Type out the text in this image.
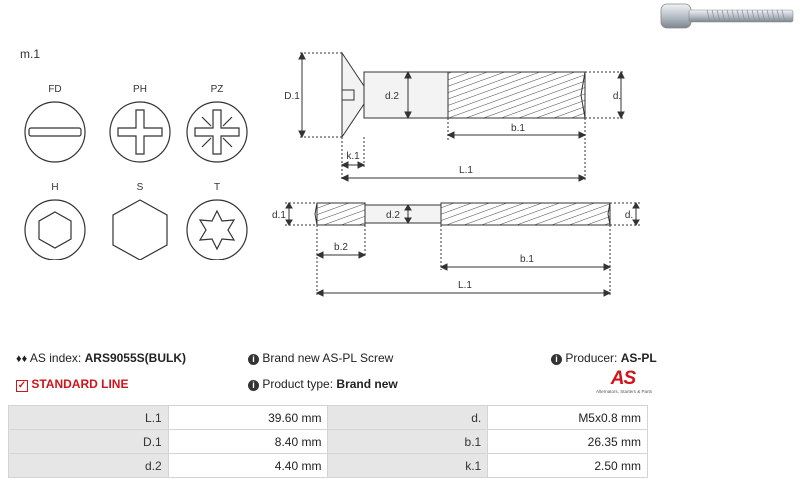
m.1
FD	PH	PZ
H	S	T
D.1	d.2	d.
b.1
k.1
L.1
d.1	d.2	d.
b.2
b.1
L.1
♦♦ AS index: ARS9055S(BULK)	i Brand new AS-PL Screw	i Producer: AS-PL
✓ STANDARD LINE	i Product type: Brand new	AS
Alternators, Starters & Parts
L.1	39.60 mm	d.	M5x0.8 mm
D.1	8.40 mm	b.1	26.35 mm
d.2	4.40 mm	k.1	2.50 mm
